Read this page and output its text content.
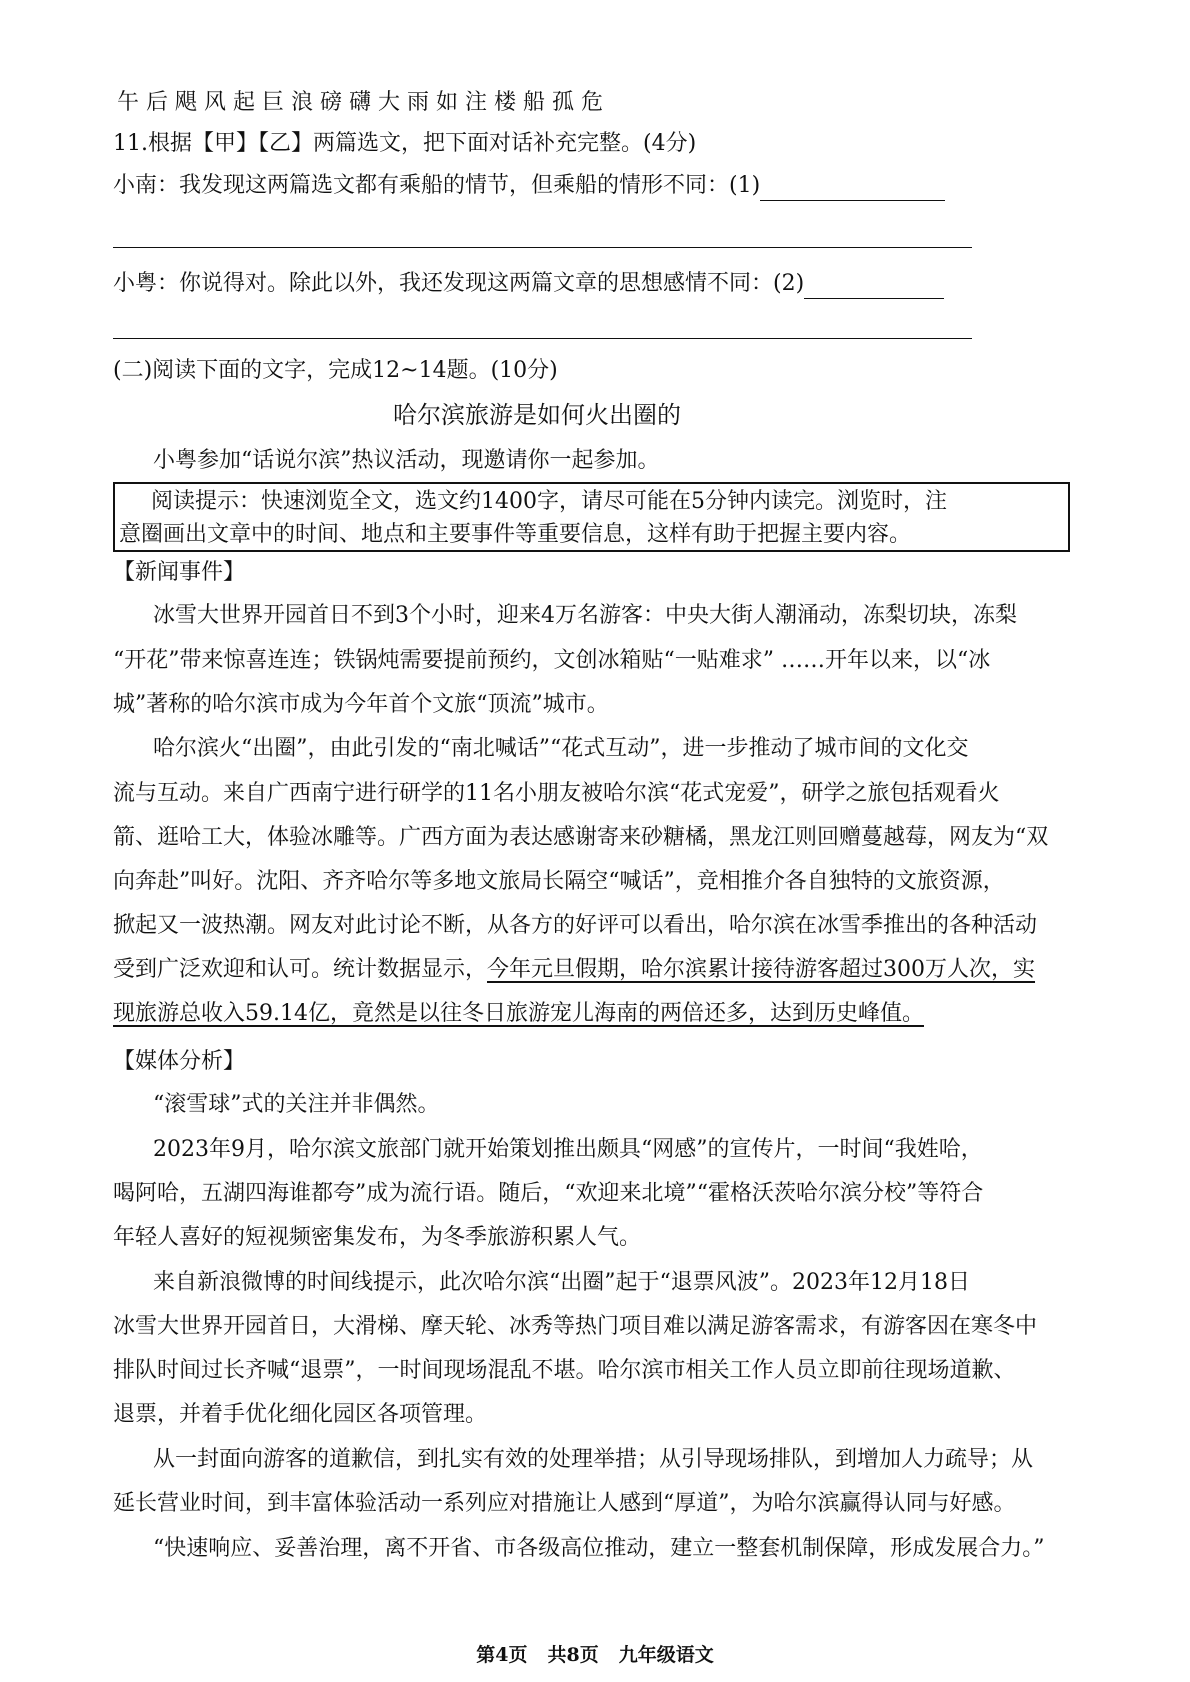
午后飓风起巨浪磅礴大雨如注楼船孤危
11.根据【甲】【乙】两篇选文，把下面对话补充完整。(4分)
小南：我发现这两篇选文都有乘船的情节，但乘船的情形不同：(1)
小粤：你说得对。除此以外，我还发现这两篇文章的思想感情不同：(2)
(二)阅读下面的文字，完成12~14题。(10分)
哈尔滨旅游是如何火出圈的
小粤参加“话说尔滨”热议活动，现邀请你一起参加。
阅读提示：快速浏览全文，选文约1400字，请尽可能在5分钟内读完。浏览时，注
意圈画出文章中的时间、地点和主要事件等重要信息，这样有助于把握主要内容。
【新闻事件】
冰雪大世界开园首日不到3个小时，迎来4万名游客：中央大街人潮涌动，冻梨切块，冻梨
“开花”带来惊喜连连；铁锅炖需要提前预约，文创冰箱贴“一贴难求” ……开年以来，以“冰
城”著称的哈尔滨市成为今年首个文旅“顶流”城市。
哈尔滨火“出圈”，由此引发的“南北喊话”“花式互动”，进一步推动了城市间的文化交
流与互动。来自广西南宁进行研学的11名小朋友被哈尔滨“花式宠爱”，研学之旅包括观看火
箭、逛哈工大，体验冰雕等。广西方面为表达感谢寄来砂糖橘，黑龙江则回赠蔓越莓，网友为“双
向奔赴”叫好。沈阳、齐齐哈尔等多地文旅局长隔空“喊话”，竞相推介各自独特的文旅资源，
掀起又一波热潮。网友对此讨论不断，从各方的好评可以看出，哈尔滨在冰雪季推出的各种活动
受到广泛欢迎和认可。统计数据显示，今年元旦假期，哈尔滨累计接待游客超过300万人次，实
现旅游总收入59.14亿，竟然是以往冬日旅游宠儿海南的两倍还多，达到历史峰值。
【媒体分析】
“滚雪球”式的关注并非偶然。
2023年9月，哈尔滨文旅部门就开始策划推出颇具“网感”的宣传片，一时间“我姓哈，
喝阿哈，五湖四海谁都夸”成为流行语。随后，“欢迎来北境”“霍格沃茨哈尔滨分校”等符合
年轻人喜好的短视频密集发布，为冬季旅游积累人气。
来自新浪微博的时间线提示，此次哈尔滨“出圈”起于“退票风波”。2023年12月18日
冰雪大世界开园首日，大滑梯、摩天轮、冰秀等热门项目难以满足游客需求，有游客因在寒冬中
排队时间过长齐喊“退票”，一时间现场混乱不堪。哈尔滨市相关工作人员立即前往现场道歉、
退票，并着手优化细化园区各项管理。
从一封面向游客的道歉信，到扎实有效的处理举措；从引导现场排队，到增加人力疏导；从
延长营业时间，到丰富体验活动一系列应对措施让人感到“厚道”，为哈尔滨赢得认同与好感。
“快速响应、妥善治理，离不开省、市各级高位推动，建立一整套机制保障，形成发展合力。”
第4页 共8页 九年级语文
